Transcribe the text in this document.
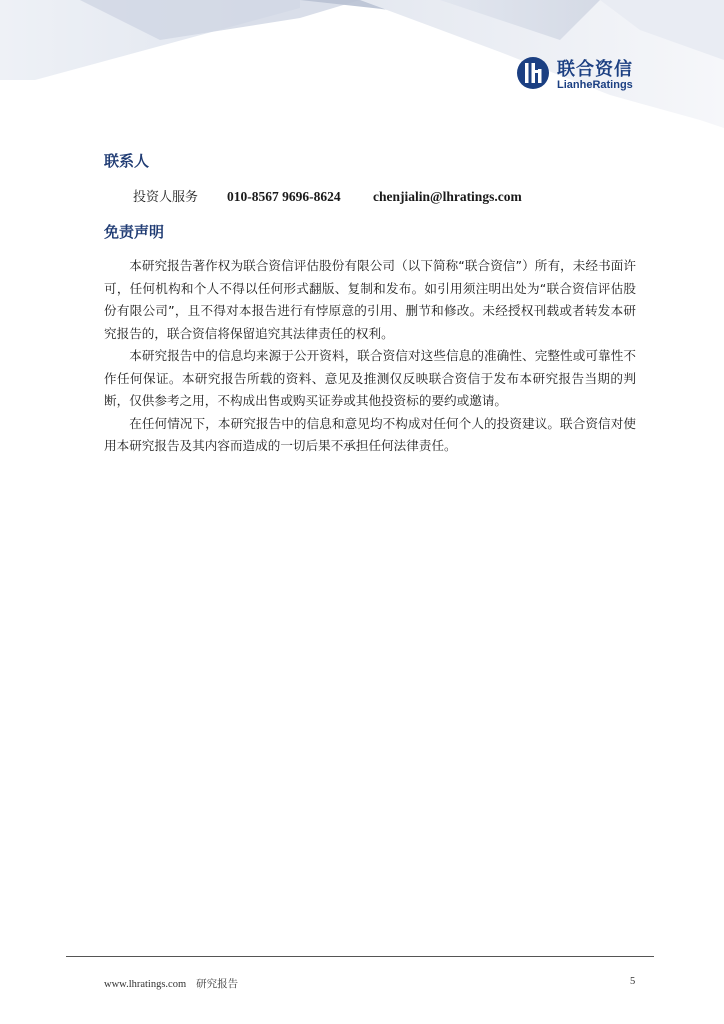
联合资信
LianheRatings
联系人
投资人服务 010-8567 9696-8624 chenjialin@lhratings.com
免责声明

本研究报告著作权为联合资信评估股份有限公司（以下简称“联合资信”）所有，未经书面许可，任何机构和个人不得以任何形式翻版、复制和发布。如引用须注明出处为“联合资信评估股份有限公司”，且不得对本报告进行有悖原意的引用、删节和修改。未经授权刊载或者转发本研究报告的，联合资信将保留追究其法律责任的权利。

本研究报告中的信息均来源于公开资料，联合资信对这些信息的准确性、完整性或可靠性不作任何保证。本研究报告所载的资料、意见及推测仅反映联合资信于发布本研究报告当期的判断，仅供参考之用，不构成出售或购买证券或其他投资标的要约或邀请。

在任何情况下，本研究报告中的信息和意见均不构成对任何个人的投资建议。联合资信对使用本研究报告及其内容而造成的一切后果不承担任何法律责任。

www.lhratings.com 研究报告	5
